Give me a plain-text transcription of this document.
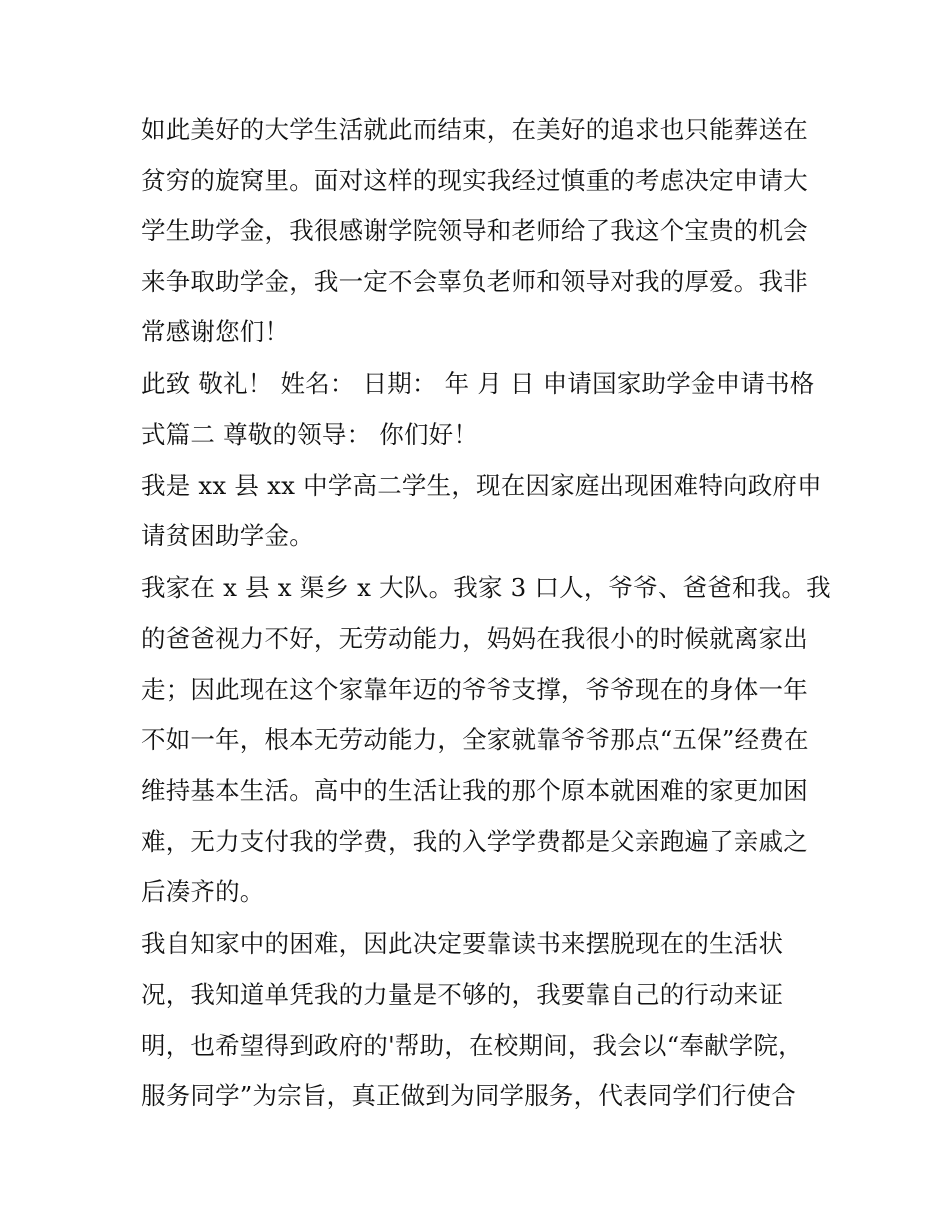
如此美好的大学生活就此而结束，在美好的追求也只能葬送在
贫穷的旋窝里。面对这样的现实我经过慎重的考虑决定申请大
学生助学金，我很感谢学院领导和老师给了我这个宝贵的机会
来争取助学金，我一定不会辜负老师和领导对我的厚爱。我非
常感谢您们！
此致 敬礼！ 姓名： 日期： 年 月 日 申请国家助学金申请书格
式篇二 尊敬的领导： 你们好！
我是 xx 县 xx 中学高二学生，现在因家庭出现困难特向政府申
请贫困助学金。
我家在 x 县 x 渠乡 x 大队。我家 3 口人，爷爷、爸爸和我。我
的爸爸视力不好，无劳动能力，妈妈在我很小的时候就离家出
走；因此现在这个家靠年迈的爷爷支撑，爷爷现在的身体一年
不如一年，根本无劳动能力，全家就靠爷爷那点“五保”经费在
维持基本生活。高中的生活让我的那个原本就困难的家更加困
难，无力支付我的学费，我的入学学费都是父亲跑遍了亲戚之
后凑齐的。
我自知家中的困难，因此决定要靠读书来摆脱现在的生活状
况，我知道单凭我的力量是不够的，我要靠自己的行动来证
明，也希望得到政府的'帮助，在校期间，我会以“奉献学院，
服务同学”为宗旨，真正做到为同学服务，代表同学们行使合
